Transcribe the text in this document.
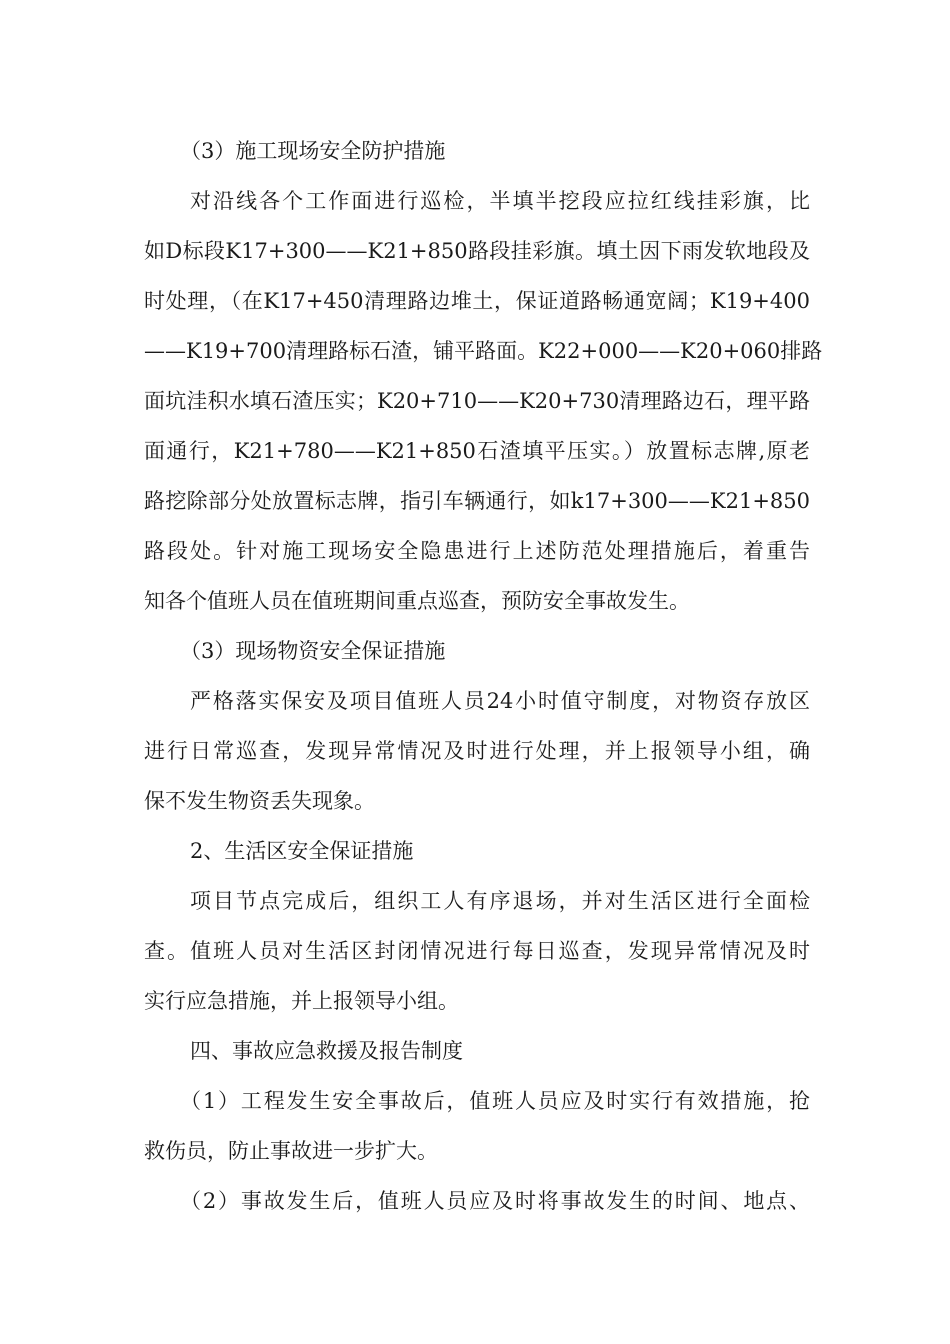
（3）施工现场安全防护措施
对沿线各个工作面进行巡检，半填半挖段应拉红线挂彩旗，比
如D标段K17+300——K21+850路段挂彩旗。填土因下雨发软地段及
时处理，（在K17+450清理路边堆土，保证道路畅通宽阔；K19+400
——K19+700清理路标石渣，铺平路面。K22+000——K20+060排路
面坑洼积水填石渣压实；K20+710——K20+730清理路边石，理平路
面通行，K21+780——K21+850石渣填平压实。）放置标志牌,原老
路挖除部分处放置标志牌，指引车辆通行，如k17+300——K21+850
路段处。针对施工现场安全隐患进行上述防范处理措施后，着重告
知各个值班人员在值班期间重点巡查，预防安全事故发生。
（3）现场物资安全保证措施
严格落实保安及项目值班人员24小时值守制度，对物资存放区
进行日常巡查，发现异常情况及时进行处理，并上报领导小组，确
保不发生物资丢失现象。
2、生活区安全保证措施
项目节点完成后，组织工人有序退场，并对生活区进行全面检
查。值班人员对生活区封闭情况进行每日巡查，发现异常情况及时
实行应急措施，并上报领导小组。
四、事故应急救援及报告制度
（1）工程发生安全事故后，值班人员应及时实行有效措施，抢
救伤员，防止事故进一步扩大。
（2）事故发生后，值班人员应及时将事故发生的时间、地点、
